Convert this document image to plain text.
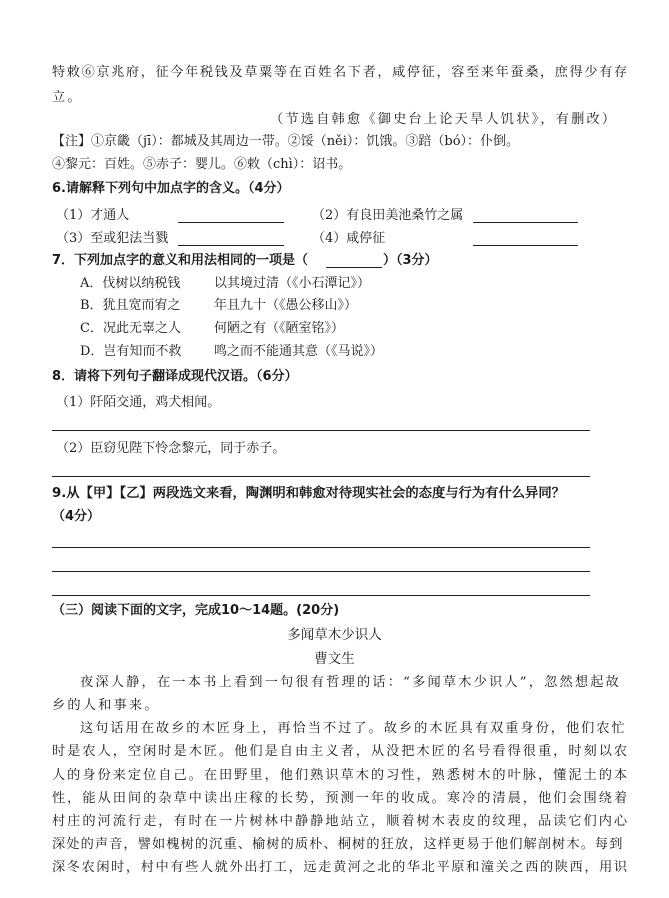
特敕⑥京兆府，征今年税钱及草粟等在百姓名下者，咸停征，容至来年蚕桑，庶得少有存
立。
（节选自韩愈《御史台上论天旱人饥状》，有删改）
【注】①京畿（jī）：都城及其周边一带。②馁（něi）：饥饿。③踣（bó）：仆倒。
④黎元：百姓。⑤赤子：婴儿。⑥敕（chì）：诏书。
6.请解释下列句中加点字的含义。（4分）
（1）才通人	（2）有良田美池桑竹之属
（3）至或犯法当戮	（4）咸停征
7．下列加点字的意义和用法相同的一项是（	）（3分）
A．伐树以纳税钱	以其境过清（《小石潭记》）
B．犹且宽而宥之	年且九十（《愚公移山》）
C．况此无辜之人	何陋之有（《陋室铭》）
D．岂有知而不救	鸣之而不能通其意（《马说》）
8．请将下列句子翻译成现代汉语。（6分）
（1）阡陌交通，鸡犬相闻。
（2）臣窃见陛下怜念黎元，同于赤子。
9.从【甲】【乙】两段选文来看，陶渊明和韩愈对待现实社会的态度与行为有什么异同？
（4分）
（三）阅读下面的文字，完成10～14题。(20分)
多闻草木少识人
曹文生
夜深人静，在一本书上看到一句很有哲理的话：“多闻草木少识人”，忽然想起故
乡的人和事来。
这句话用在故乡的木匠身上，再恰当不过了。故乡的木匠具有双重身份，他们农忙
时是农人，空闲时是木匠。他们是自由主义者，从没把木匠的名号看得很重，时刻以农
人的身份来定位自己。在田野里，他们熟识草木的习性，熟悉树木的叶脉，懂泥土的本
性，能从田间的杂草中读出庄稼的长势，预测一年的收成。寒冷的清晨，他们会围绕着
村庄的河流行走，有时在一片树林中静静地站立，顺着树木表皮的纹理，品读它们内心
深处的声音，譬如槐树的沉重、榆树的质朴、桐树的狂放，这样更易于他们解剖树木。每到
深冬农闲时，村中有些人就外出打工，远走黄河之北的华北平原和潼关之西的陕西，用识
